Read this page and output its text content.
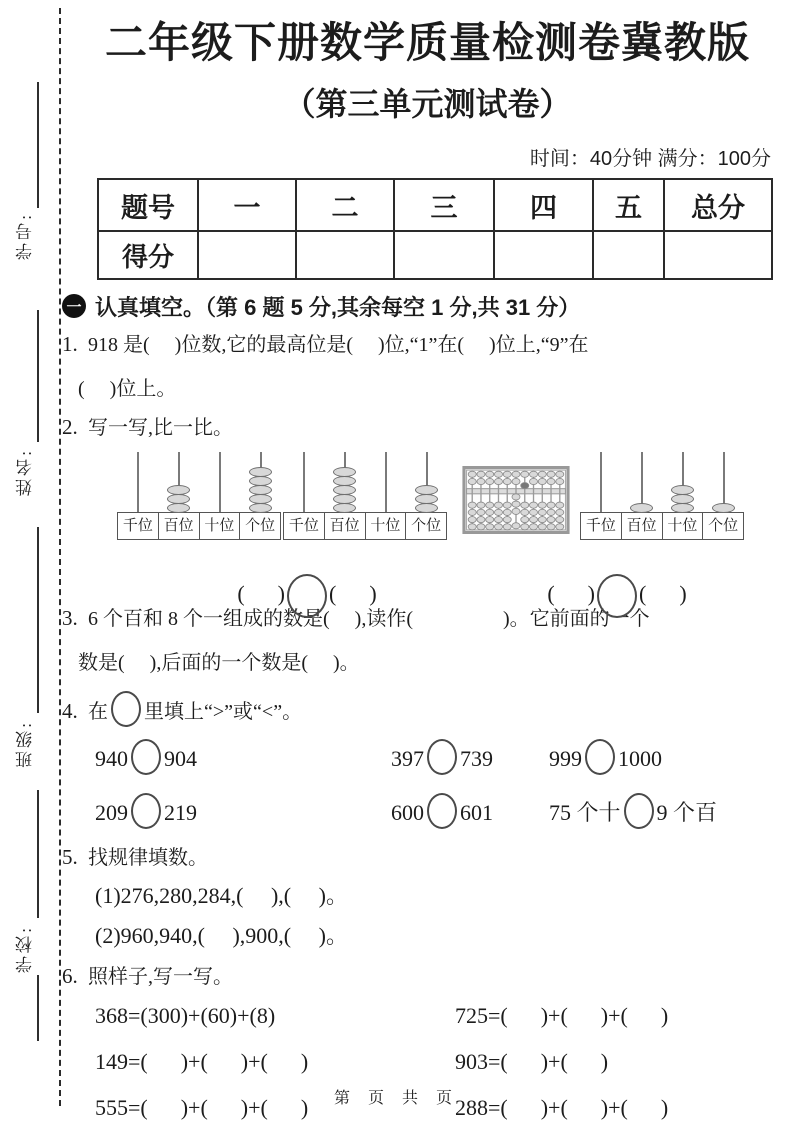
学号:
姓名:
班级:
学校:
二年级下册数学质量检测卷冀教版
（第三单元测试卷）
时间：40分钟 满分：100分
题号	一	二	三	四	五	总分
得分						
一 认真填空。（第 6 题 5 分,其余每空 1 分,共 31 分）
1. 918 是(     )位数,它的最高位是(     )位,“1”在(     )位上,“9”在
(     )位上。
2. 写一写,比一比。
千位 百位 十位 个位 千位 百位 十位 个位	千位 百位 十位 个位

(      ) (      )
	(      ) (      )

3. 6 个百和 8 个一组成的数是(     ),读作(                  )。它前面的一个
数是(     ),后面的一个数是(     )。
4. 在 里填上“>”或“<”。
940 904	397 739	999 1000
209 219	600 601	75 个十 9 个百
5. 找规律填数。
(1)276,280,284,(     ),(     )。
(2)960,940,(     ),900,(     )。
6. 照样子,写一写。
368=(300)+(60)+(8)	725=(      )+(      )+(      )
149=(      )+(      )+(      )	903=(      )+(      )
555=(      )+(      )+(      )	288=(      )+(      )+(      )
第 页 共 页
